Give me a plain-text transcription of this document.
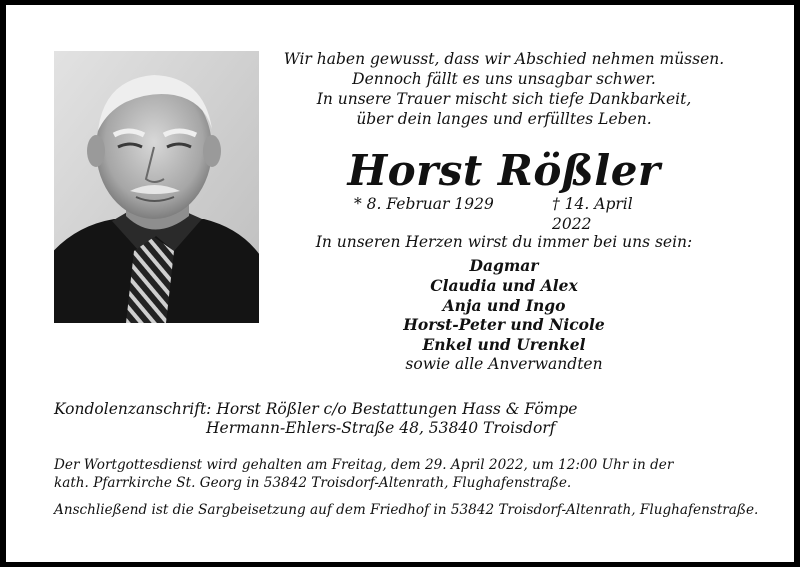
Wir haben gewusst, dass wir Abschied nehmen müssen.
Dennoch fällt es uns unsagbar schwer.
In unsere Trauer mischt sich tiefe Dankbarkeit,
über dein langes und erfülltes Leben.
Horst Rößler
* 8. Februar 1929	† 14. April 2022
In unseren Herzen wirst du immer bei uns sein:
Dagmar
Claudia und Alex
Anja und Ingo
Horst-Peter und Nicole
Enkel und Urenkel
sowie alle Anverwandten
Kondolenzanschrift: Horst Rößler c/o Bestattungen Hass & Fömpe
Hermann-Ehlers-Straße 48, 53840 Troisdorf
Der Wortgottesdienst wird gehalten am Freitag, dem 29. April 2022, um 12:00 Uhr in der
kath. Pfarrkirche St. Georg in 53842 Troisdorf-Altenrath, Flughafenstraße.
Anschließend ist die Sargbeisetzung auf dem Friedhof in 53842 Troisdorf-Altenrath, Flughafenstraße.
